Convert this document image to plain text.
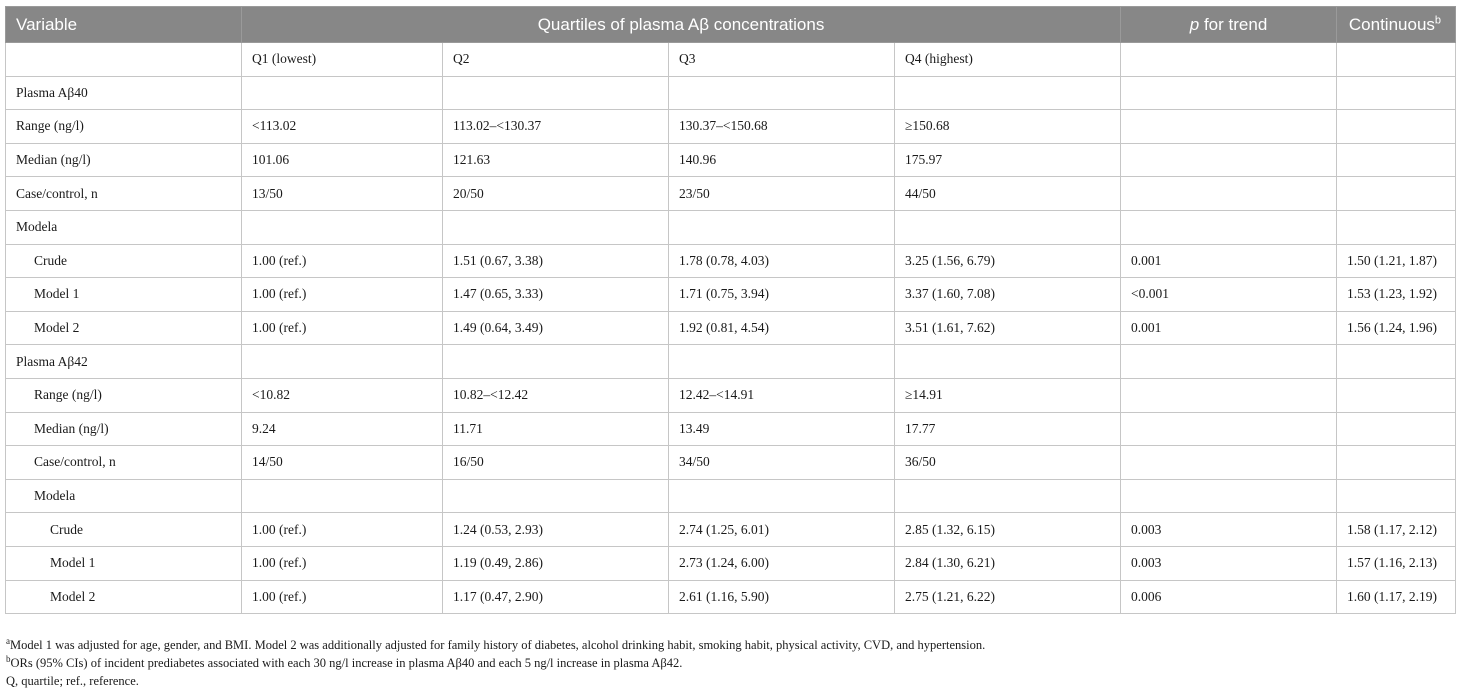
Variable	Quartiles of plasma Aβ concentrations				p for trend	Continuous$^b$
	Q1 (lowest)	Q2	Q3	Q4 (highest)		
Plasma Aβ40						
Range (ng/l)	<113.02	113.02–<130.37	130.37–<150.68	≥150.68		
Median (ng/l)	101.06	121.63	140.96	175.97		
Case/control, n	13/50	20/50	23/50	44/50		
Modela						
Crude	1.00 (ref.)	1.51 (0.67, 3.38)	1.78 (0.78, 4.03)	3.25 (1.56, 6.79)	0.001	1.50 (1.21, 1.87)
Model 1	1.00 (ref.)	1.47 (0.65, 3.33)	1.71 (0.75, 3.94)	3.37 (1.60, 7.08)	<0.001	1.53 (1.23, 1.92)
Model 2	1.00 (ref.)	1.49 (0.64, 3.49)	1.92 (0.81, 4.54)	3.51 (1.61, 7.62)	0.001	1.56 (1.24, 1.96)
Plasma Aβ42						
Range (ng/l)	<10.82	10.82–<12.42	12.42–<14.91	≥14.91		
Median (ng/l)	9.24	11.71	13.49	17.77		
Case/control, n	14/50	16/50	34/50	36/50		
Modela						
Crude	1.00 (ref.)	1.24 (0.53, 2.93)	2.74 (1.25, 6.01)	2.85 (1.32, 6.15)	0.003	1.58 (1.17, 2.12)
Model 1	1.00 (ref.)	1.19 (0.49, 2.86)	2.73 (1.24, 6.00)	2.84 (1.30, 6.21)	0.003	1.57 (1.16, 2.13)
Model 2	1.00 (ref.)	1.17 (0.47, 2.90)	2.61 (1.16, 5.90)	2.75 (1.21, 6.22)	0.006	1.60 (1.17, 2.19)
$^a$Model 1 was adjusted for age, gender, and BMI. Model 2 was additionally adjusted for family history of diabetes, alcohol drinking habit, smoking habit, physical activity, CVD, and hypertension.
$^b$ORs (95% CIs) of incident prediabetes associated with each 30 ng/l increase in plasma Aβ40 and each 5 ng/l increase in plasma Aβ42.
Q, quartile; ref., reference.
